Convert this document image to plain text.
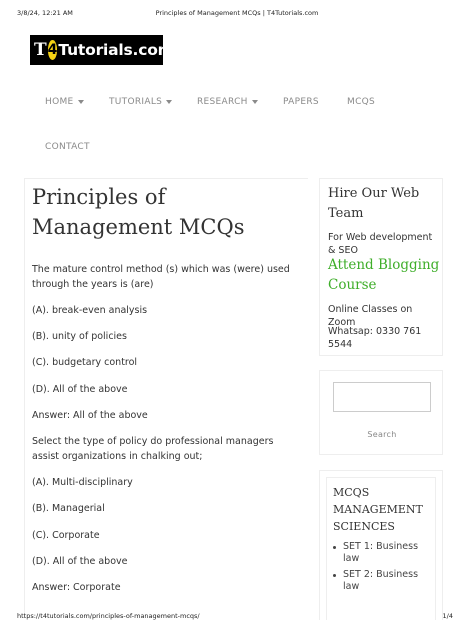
3/8/24, 12:21 AM	Principles of Management MCQs | T4Tutorials.com
T 4 Tutorials.com
HOME	TUTORIALS	RESEARCH	PAPERS	MCQS
CONTACT
Principles of Management MCQs

The mature control method (s) which was (were) used through the years is (are)

(A). break-even analysis

(B). unity of policies

(C). budgetary control

(D). All of the above

Answer: All of the above

Select the type of policy do professional managers assist organizations in chalking out;

(A). Multi-disciplinary

(B). Managerial

(C). Corporate

(D). All of the above

Answer: Corporate

Hire Our Web Team
For Web development & SEO
Attend Blogging Course
Online Classes on Zoom
Whatsap: 0330 761 5544
Search
MCQS MANAGEMENT SCIENCES
SET 1: Business law
SET 2: Business law
https://t4tutorials.com/principles-of-management-mcqs/	1/4
